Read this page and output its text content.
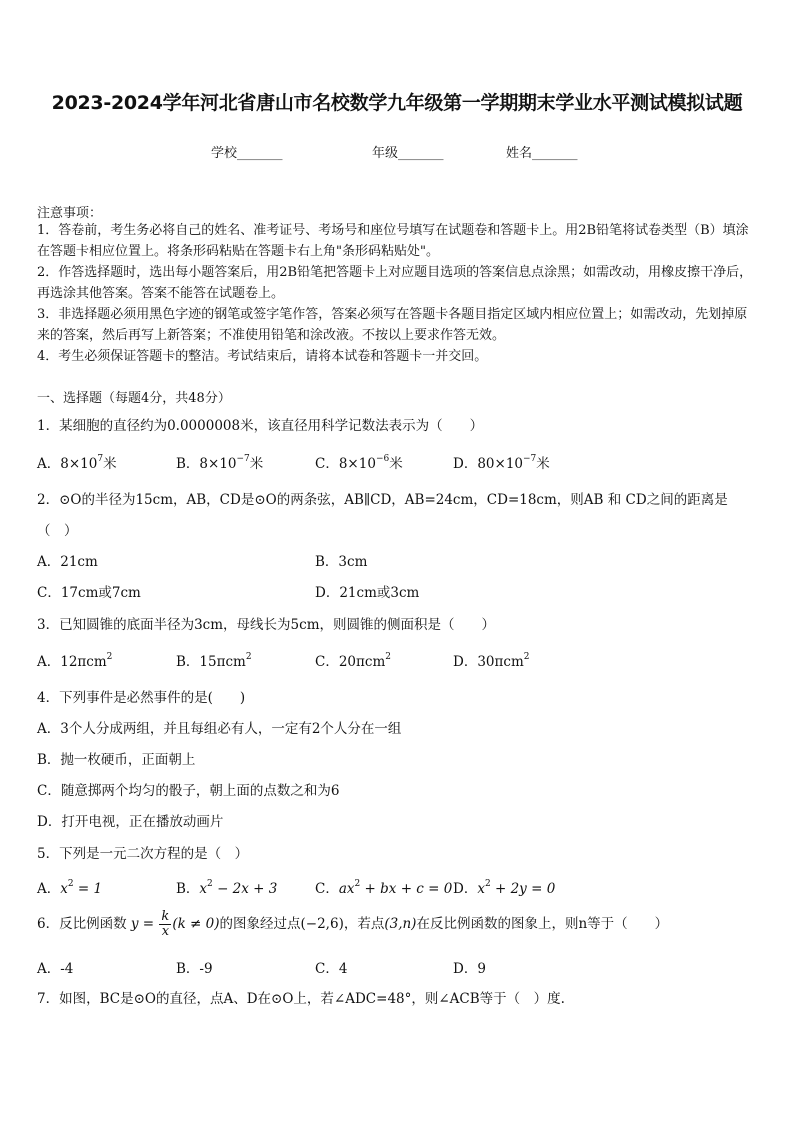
2023-2024学年河北省唐山市名校数学九年级第一学期期末学业水平测试模拟试题
学校_______	年级_______	姓名_______
注意事项：

1．答卷前，考生务必将自己的姓名、准考证号、考场号和座位号填写在试题卷和答题卡上。用2B铅笔将试卷类型（B）填涂在答题卡相应位置上。将条形码粘贴在答题卡右上角"条形码粘贴处"。

2．作答选择题时，选出每小题答案后，用2B铅笔把答题卡上对应题目选项的答案信息点涂黑；如需改动，用橡皮擦干净后，再选涂其他答案。答案不能答在试题卷上。

3．非选择题必须用黑色字迹的钢笔或签字笔作答，答案必须写在答题卡各题目指定区域内相应位置上；如需改动，先划掉原来的答案，然后再写上新答案；不准使用铅笔和涂改液。不按以上要求作答无效。

4．考生必须保证答题卡的整洁。考试结束后，请将本试卷和答题卡一并交回。

一、选择题（每题4分，共48分）
1．某细胞的直径约为0.0000008米，该直径用科学记数法表示为（　　）
A．$8\times 10^7$米	B．$8\times 10^{-7}$米	C．$8\times 10^{-6}$米	D．$80\times 10^{-7}$米
2．⊙O的半径为15cm，AB，CD是⊙O的两条弦，AB∥CD，AB=24cm，CD=18cm，则AB 和 CD之间的距离是
（　）
A．21cm	B．3cm
C．17cm或7cm	D．21cm或3cm
3．已知圆锥的底面半径为3cm，母线长为5cm，则圆锥的侧面积是（　　）
A．12πcm$^2$	B．15πcm$^2$	C．20πcm$^2$	D．30πcm$^2$
4．下列事件是必然事件的是(　　)
A．3个人分成两组，并且每组必有人，一定有2个人分在一组
B．抛一枚硬币，正面朝上
C．随意掷两个均匀的骰子，朝上面的点数之和为6
D．打开电视，正在播放动画片
5．下列是一元二次方程的是（　）
A．$x^2 = 1$	B．$x^2 - 2x + 3$	C．$ax^2$ + bx + c = 0 D．$x^2 + 2y = 0$
6．反比例函数 $y = \frac{k}{x} (k \ne 0)$的图象经过点(−2,6)，若点(3,n)在反比例函数的图象上，则n等于（　　）
A．-4	B．-9	C．4	D．9
7．如图，BC是⊙O的直径，点A、D在⊙O上，若∠ADC=48°，则∠ACB等于（　）度.
